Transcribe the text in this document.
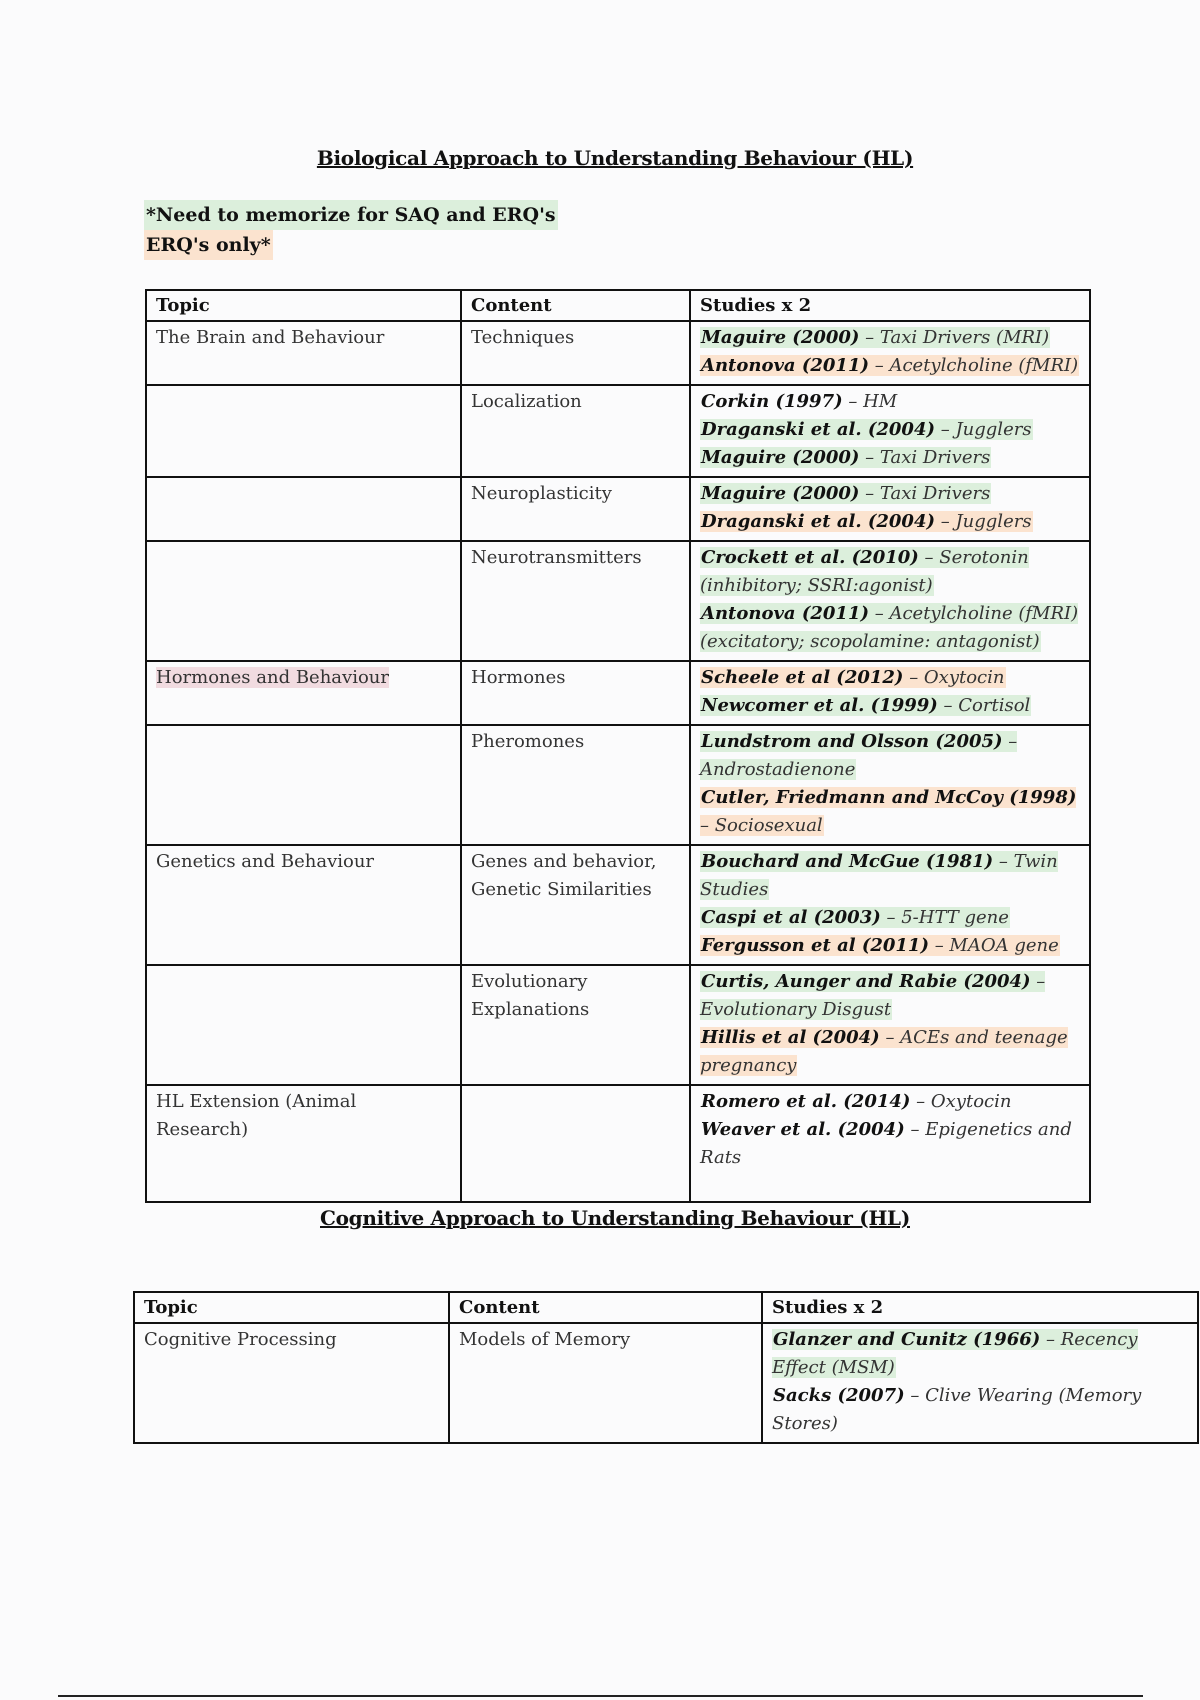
Biological Approach to Understanding Behaviour (HL)
*Need to memorize for SAQ and ERQ's
ERQ's only*
Topic	Content	Studies x 2
The Brain and Behaviour	Techniques	Maguire (2000) – Taxi Drivers (MRI)
Antonova (2011) – Acetylcholine (fMRI)

	Localization	Corkin (1997) – HM
Draganski et al. (2004) – Jugglers
Maguire (2000) – Taxi Drivers

	Neuroplasticity	Maguire (2000) – Taxi Drivers
Draganski et al. (2004) – Jugglers

	Neurotransmitters	Crockett et al. (2010) – Serotonin (inhibitory; SSRI:agonist)
Antonova (2011) – Acetylcholine (fMRI) (excitatory; scopolamine: antagonist)

Hormones and Behaviour	Hormones	Scheele et al (2012) – Oxytocin
Newcomer et al. (1999) – Cortisol

	Pheromones	Lundstrom and Olsson (2005) – Androstadienone
Cutler, Friedmann and McCoy (1998) – Sociosexual

Genetics and Behaviour	Genes and behavior, Genetic Similarities	Bouchard and McGue (1981) – Twin Studies
Caspi et al (2003) – 5-HTT gene
Fergusson et al (2011) – MAOA gene

	Evolutionary Explanations	Curtis, Aunger and Rabie (2004) – Evolutionary Disgust
Hillis et al (2004) – ACEs and teenage pregnancy

HL Extension (Animal Research)		Romero et al. (2014) – Oxytocin
Weaver et al. (2004) – Epigenetics and Rats
Cognitive Approach to Understanding Behaviour (HL)
Topic	Content	Studies x 2
Cognitive Processing	Models of Memory	Glanzer and Cunitz (1966) – Recency Effect (MSM)
Sacks (2007) – Clive Wearing (Memory Stores)
